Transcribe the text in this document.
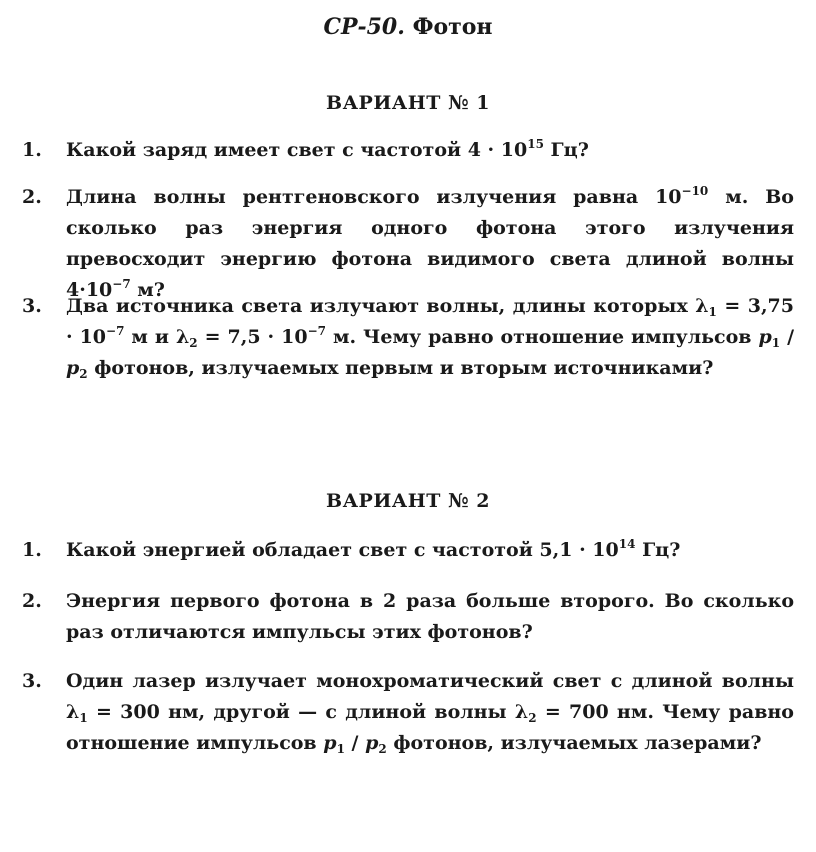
СР-50. Фотон
ВАРИАНТ № 1
1.	Какой заряд имеет свет с частотой $4 \cdot 10^{15}$ Гц?
2.	Длина волны рентгеновского излучения равна $10^{-10}$ м. Во сколько раз энергия одного фотона этого излучения превосходит энергию фотона видимого света длиной волны $4\cdot 10^{-7}$ м?
3.	Два источника света излучают волны, длины которых $\lambda_1 = 3,75 \cdot 10^{-7}$ м и $\lambda_2 = 7,5 \cdot 10^{-7}$ м. Чему равно отношение импульсов $p_1 / p_2$ фотонов, излучаемых первым и вторым источниками?
ВАРИАНТ № 2
1.	Какой энергией обладает свет с частотой $5,1 \cdot 10^{14}$ Гц?
2.	Энергия первого фотона в 2 раза больше второго. Во сколько раз отличаются импульсы этих фотонов?
3.	Один лазер излучает монохроматический свет с длиной волны $\lambda_1 = 300$ нм, другой — с длиной волны $\lambda_2 = 700$ нм. Чему равно отношение импульсов $p_1 / p_2$ фотонов, излучаемых лазерами?
